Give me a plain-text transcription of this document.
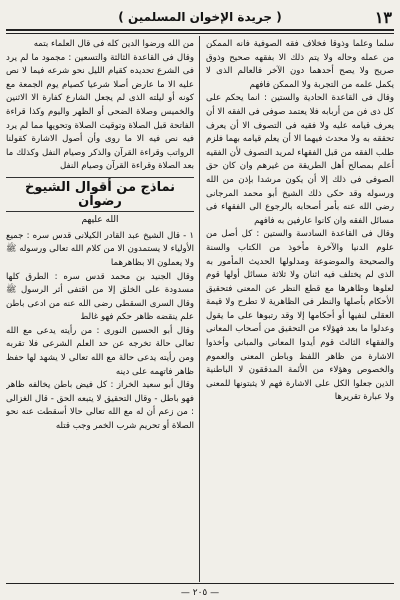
( جريدة الإخوان المسلمين )	١٣

سلما وعلما وذوقا فخلاف فقه الصوفية فانه الممكن من عمله وحاله ولا يتم ذلك الا بفقهه صحيح وذوق صريح ولا يصح أحدهما دون الآخر فالعالم الذى لا يكمل علمه من التجربة ولا الممكن فافهم

وقال فى القاعدة الحادية والستين : انما يحكم على كل ذى فن من أربابه فلا يعتمد صوفى فى الفقه الا أن يعرف قيامه عليه ولا فقيه فى التصوف الا أن يعرف تحققه به ولا محدث فيهما الا أن يعلم قيامه بهما فلزم طلب الفقه من قبل الفقهاء لمريد التصوف لأن الفقيه أعلم بمصالح أهل الطريقة من غيرهم وان كان حق الصوفى فى ذلك إلا أن يكون مرشدا بإذن من الله ورسوله وقد حكى ذلك الشيخ أبو محمد المرجانى رضى الله عنه بأمر أصحابه بالرجوع الى الفقهاء فى مسائل الفقه وان كانوا عارفين به فافهم

وقال فى القاعدة السادسة والستين : كل أصل من علوم الدنيا والآخرة مأخوذ من الكتاب والسنة والصحيحة والموضوعة ومدلولها الحديث المأمور به الذى لم يختلف فيه اثنان ولا ثلاثة مسائل أولها قوم لعلوها وظاهرها مع قطع النظر عن المعنى فتحقيق الأحكام بأصلها والنظر فى الظاهرية لا تطرح ولا قيمة العقلى لنفيها أو أحكامها إلا وقد رتبوها على ما يقول وعدلوا ما بعد فهؤلاء من التحقيق من أصحاب المعانى والفقهاء الثالث قوم أيدوا المعانى والمبانى وأخذوا الاشارة من ظاهر اللفظ وباطن المعنى والعموم والخصوص وهؤلاء من الأئمة المدققون لا الباطنية الذين جعلوا الكل على الاشارة فهم لا يثبتونها للمعنى ولا عبارة تقريرها

من الله ورضوا الدين كله فى قال العلماء بتمه

وقال فى القاعدة الثالثة والتسعين : مجمود ما لم يرد فى الشرع تحديده كقيام الليل نحو شرعه فيما لا نص عليه الا ما عارض أصلا شرعيا كصيام يوم الجمعة مع كونه أو ليلته الذى لم يجعل الشارع كفارة الا الاثنين والخميس وصلاة الضحى أو الظهر واليوم وكذا قراءة الفاتحة قبل الصلاة وتوقيت الصلاة وتحويها مما لم يرد فيه نص فيه الا ما روى وأن أصول الاشارة كقولنا الرواتب وقراءة القرآن والذكر وصيام النفل وكذلك ما بعد الصلاة وقراءة القرآن وصيام النفل

نماذج من أقوال الشيوخ رضوان
الله عليهم

١ - قال الشيخ عبد القادر الكيلانى قدس سره : جميع الأولياء لا يستمدون الا من كلام الله تعالى ورسوله ﷺ ولا يعملون الا بظاهرهما

وقال الجنيد بن محمد قدس سره : الطرق كلها مسدودة على الخلق إلا من اقتفى أثر الرسول ﷺ وقال السرى السقطى رضى الله عنه من ادعى باطن علم ينقضه ظاهر حكم فهو غالط

وقال أبو الحسين النورى : من رأيته يدعى مع الله تعالى حالة تخرجه عن حد العلم الشرعى فلا تقربه ومن رأيته يدعى حالة مع الله تعالى لا يشهد لها حفظ ظاهر فاتهمه على دينه

وقال أبو سعيد الخراز : كل فيض باطن يخالفه ظاهر فهو باطل - وقال التحقيق لا يتبعه الحق - قال الغزالى : من زعم أن له مع الله تعالى حالا أسقطت عنه نحو الصلاة أو تحريم شرب الخمر وجب قتله

— ٢٠٥ —
